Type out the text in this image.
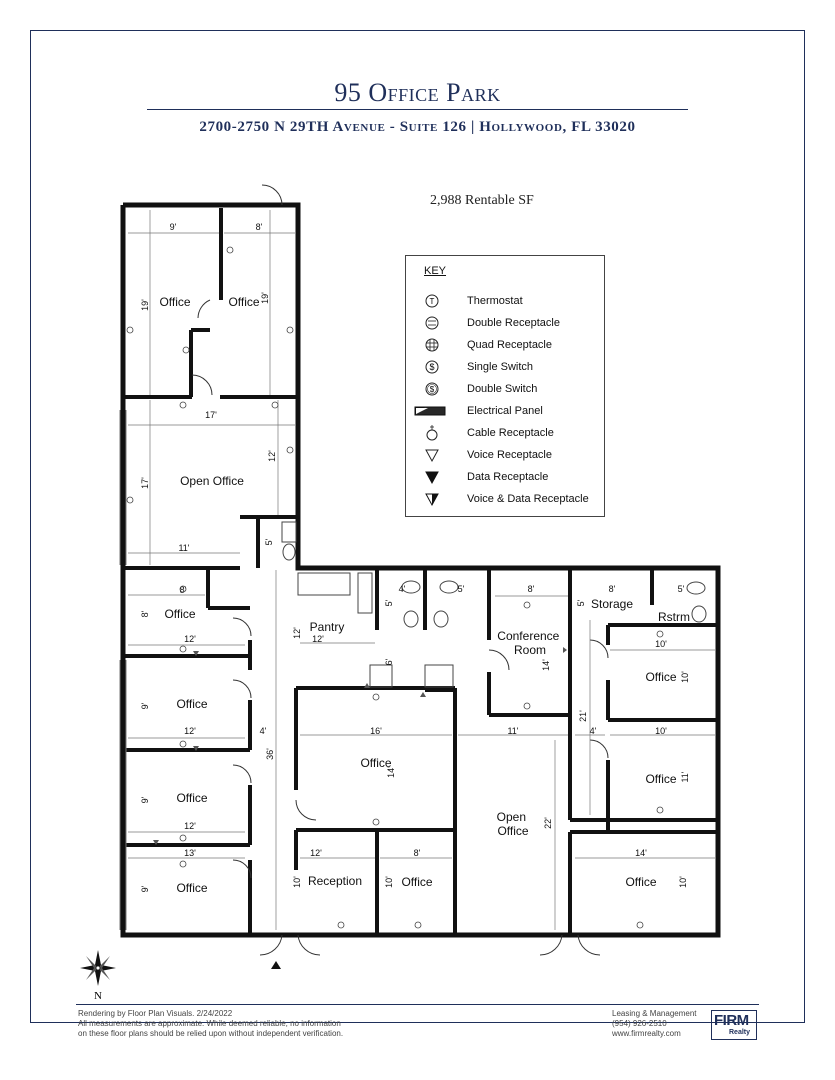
95 Office Park
2700-2750 N 29TH Avenue - Suite 126 | Hollywood, FL 33020
2,988 Rentable SF
Office	Office
Open Office
Office
Pantry
Conference Room
Storage
Rstrm
Office
Office
Office
Office
Office
Open Office
Reception	Office	Office
Office
9'	8'
19'
19'
17'
12'
17'
5'
11'
8'
8'
12'
12'
12'
5'
4'	5'	8'
14'
8'
5'
5'
10'
10'
9'
12'	4'
36'
16'
6'
14'
11'	4'
21'
10'
11'
9'
12'	22'
13'	12'	8'	14'
9'
10'	10'	10'
KEY
T	Thermostat
Double Receptacle
Quad Receptacle
$	Single Switch
$	Double Switch
Electrical Panel
Cable Receptacle
Voice Receptacle
Data Receptacle
Voice & Data Receptacle
N
Rendering by Floor Plan Visuals. 2/24/2022
All measurements are approximate. While deemed reliable, no information
on these floor plans should be relied upon without independent verification.
Leasing & Management
(954) 926-2510
www.firmrealty.com
FIRM
Realty
